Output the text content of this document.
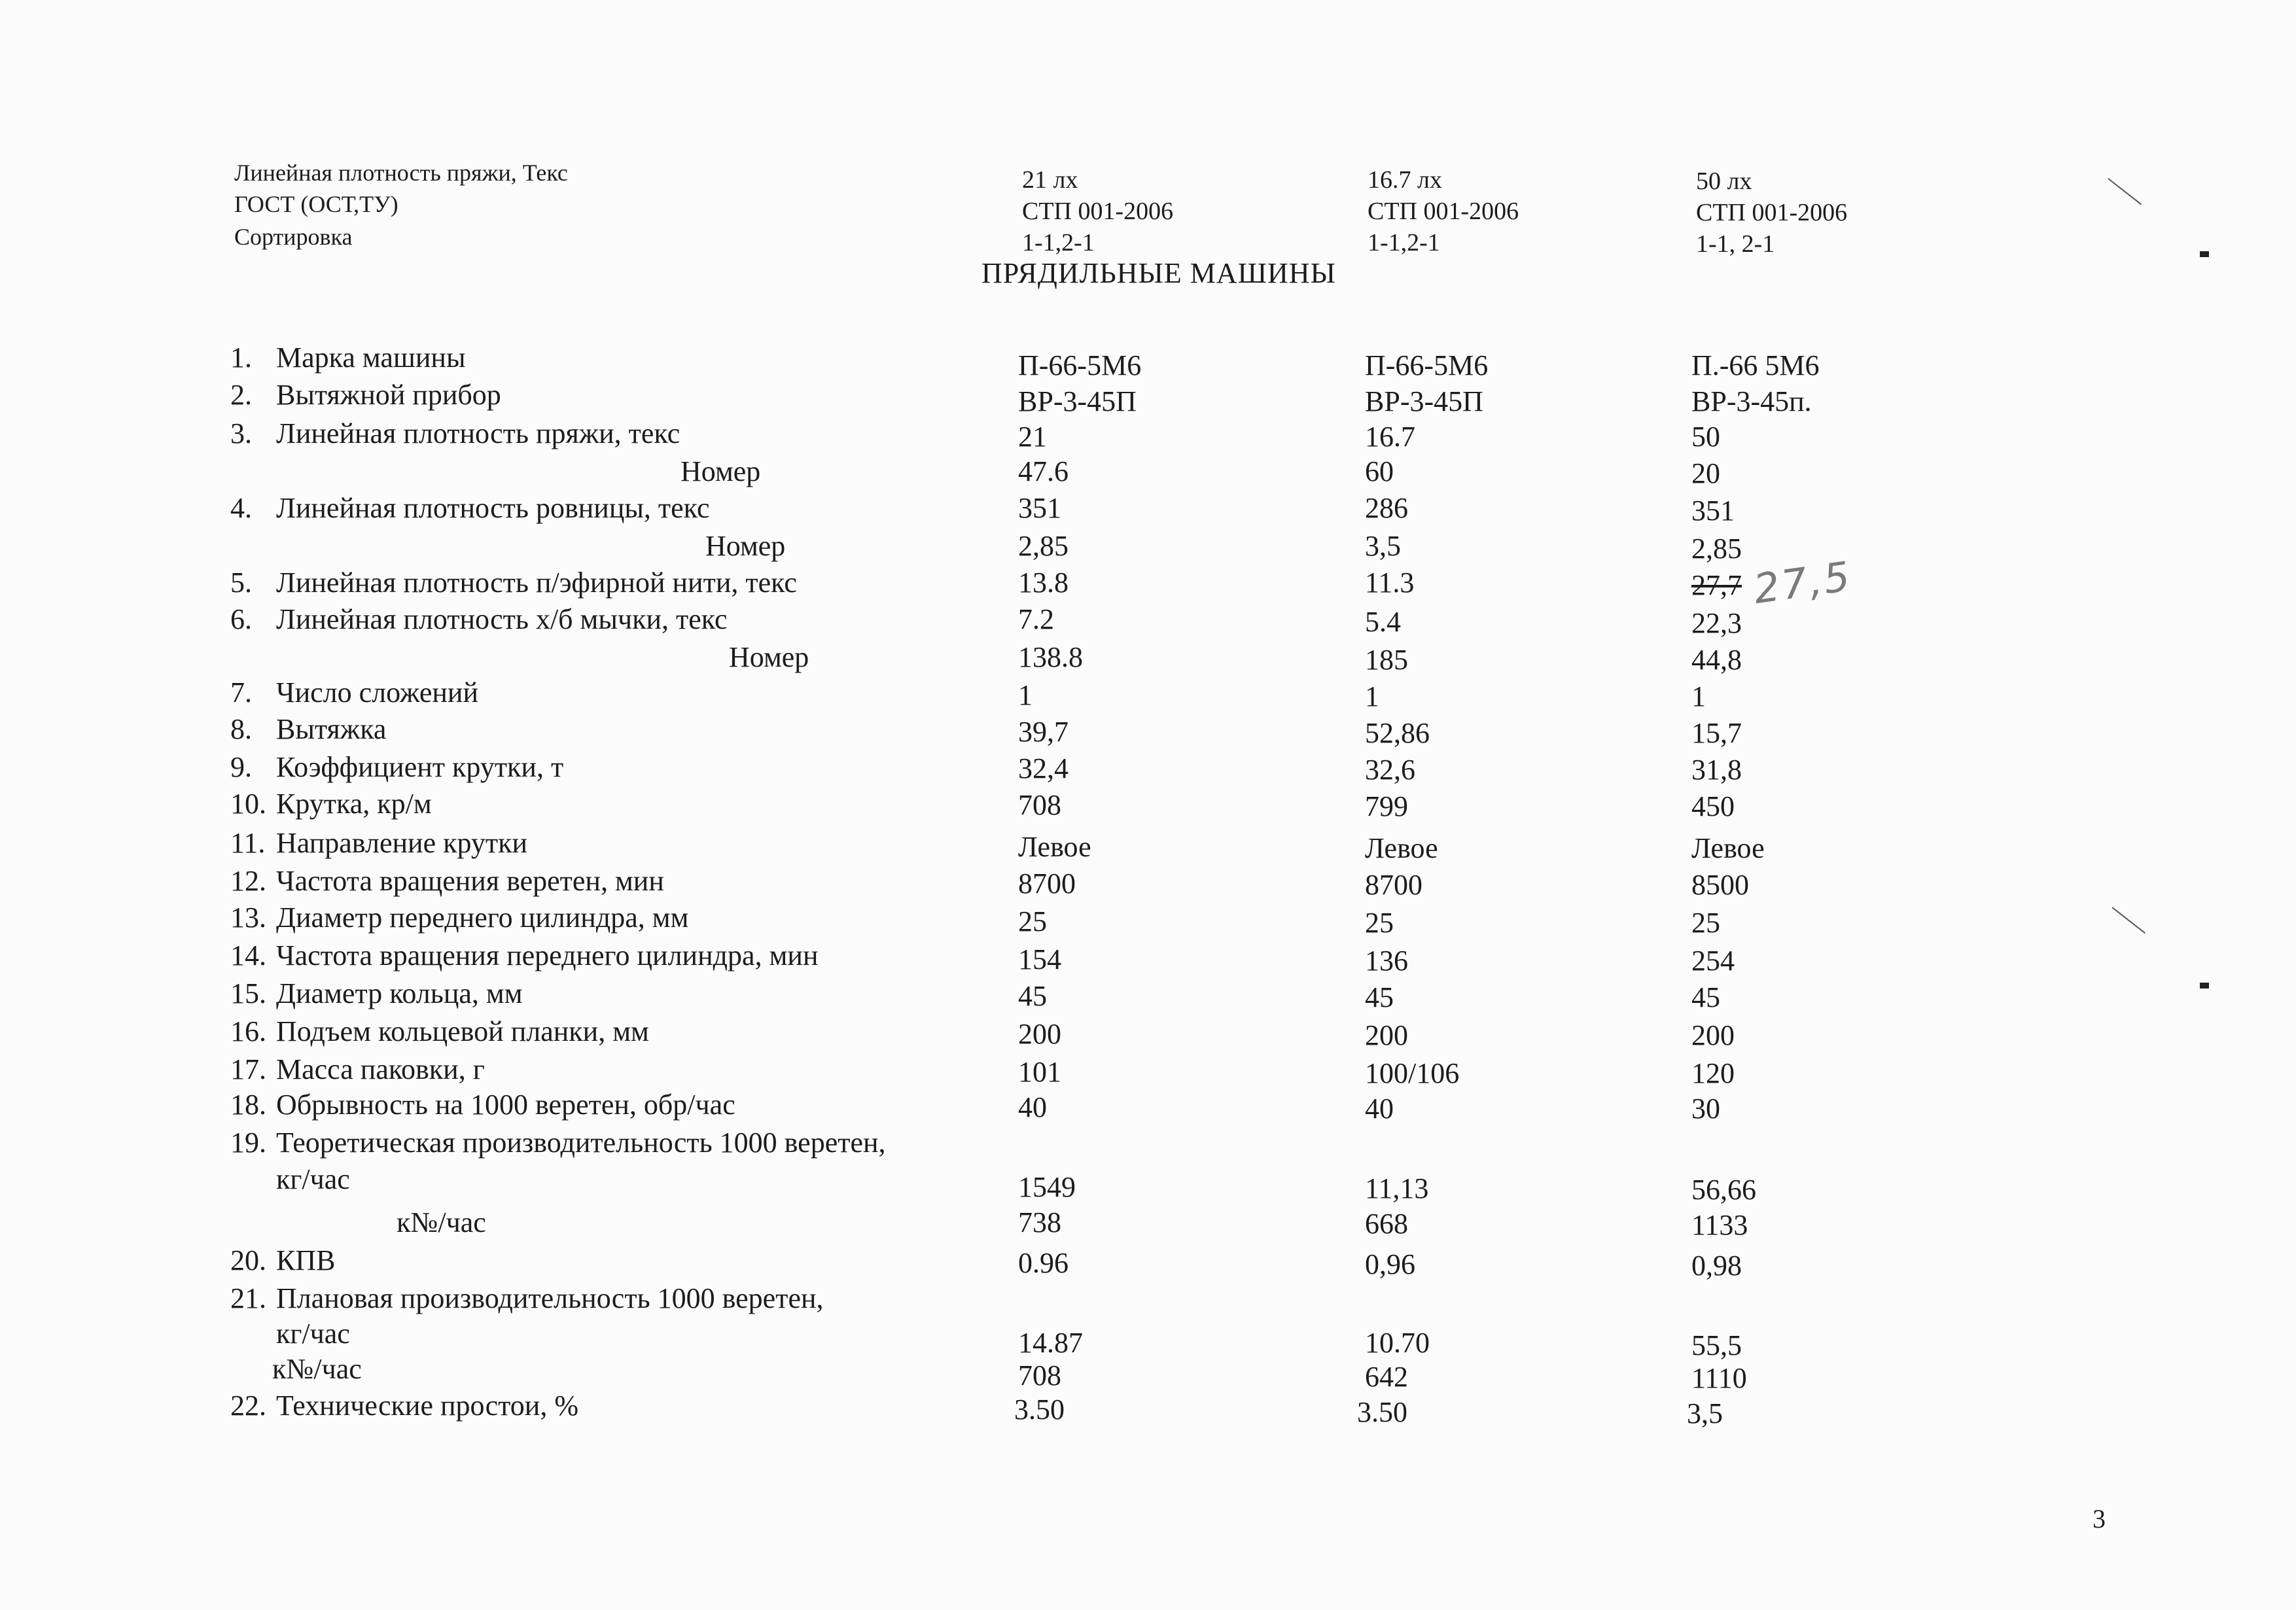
Линейная плотность пряжи, Текс
ГОСТ (ОСТ,ТУ)
Сортировка
21 лх
СТП 001-2006
1-1,2-1
16.7 лх
СТП 001-2006
1-1,2-1
50 лх
СТП 001-2006
1-1, 2-1
ПРЯДИЛЬНЫЕ МАШИНЫ
1. Марка машины	П-66-5М6	П-66-5М6	П.-66 5М6
2. Вытяжной прибор	ВР-3-45П	ВР-3-45П	ВР-3-45п.
3. Линейная плотность пряжи, текс	21	16.7	50
Номер	47.6	60	20
4. Линейная плотность ровницы, текс	351	286	351
Номер	2,85	3,5	2,85
5. Линейная плотность п/эфирной нити, текс	13.8	11.3	27,7
6. Линейная плотность х/б мычки, текс	7.2	5.4	22,3
Номер	138.8	185	44,8
7. Число сложений	1	1	1
8. Вытяжка	39,7	52,86	15,7
9. Коэффициент крутки, т	32,4	32,6	31,8
10. Крутка, кр/м	708	799	450
11. Направление крутки	Левое	Левое	Левое
12. Частота вращения веретен, мин	8700	8700	8500
13. Диаметр переднего цилиндра, мм	25	25	25
14. Частота вращения переднего цилиндра, мин	154	136	254
15. Диаметр кольца, мм	45	45	45
16. Подъем кольцевой планки, мм	200	200	200
17. Масса паковки, г	101	100/106	120
18. Обрывность на 1000 веретен, обр/час	40	40	30
19. Теоретическая производительность 1000 веретен,
кг/час	1549	11,13	56,66
к№/час	738	668	1133
20. КПВ	0.96	0,96	0,98
21. Плановая производительность 1000 веретен,
кг/час	14.87	10.70	55,5
к№/час	708	642	1110
22. Технические простои, %	3.50	3.50	3,5
27,5
3
